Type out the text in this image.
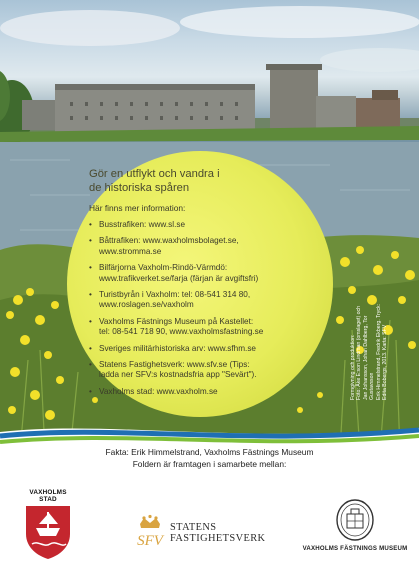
Gör en utflykt och vandra i
de historiska spåren
Här finns mer information:
• Busstrafiken: www.sl.se
• Båttrafiken: www.waxholmsbolaget.se,
www.stromma.se
• Bilfärjorna Vaxholm-Rindö-Värmdö:
www.trafikverket.se/farja (färjan är avgiftsfri)
• Turistbyrån i Vaxholm: tel: 08-541 314 80,
www.roslagen.se/vaxholm
• Vaxholms Fästnings Museum på Kastellet:
tel: 08-541 718 90, www.vaxholmsfastning.se
• Sveriges militärhistoriska arv: www.sfhm.se
• Statens Fastighetsverk: www.sfv.se (Tips:
ladda ner SFV:s kostnadsfria app "Sevärt").
• Vaxholms stad: www.vaxholm.se	Formgivning och produktion: Foto: Åke E:son Lindman (omslaget) och Jan Johansson, Johan Dahlberg, Tor Gustavsson Erik Himmelstrand, Fredrik Ekberg. Tryck: Edita Bobergs, 2013. Karta: SFV
Fakta: Erik Himmelstrand, Vaxholms Fästnings Museum
Foldern är framtagen i samarbete mellan:
VAXHOLMS
STAD
SFV
STATENS
FASTIGHETSVERK
VAXHOLMS FÄSTNINGS MUSEUM
